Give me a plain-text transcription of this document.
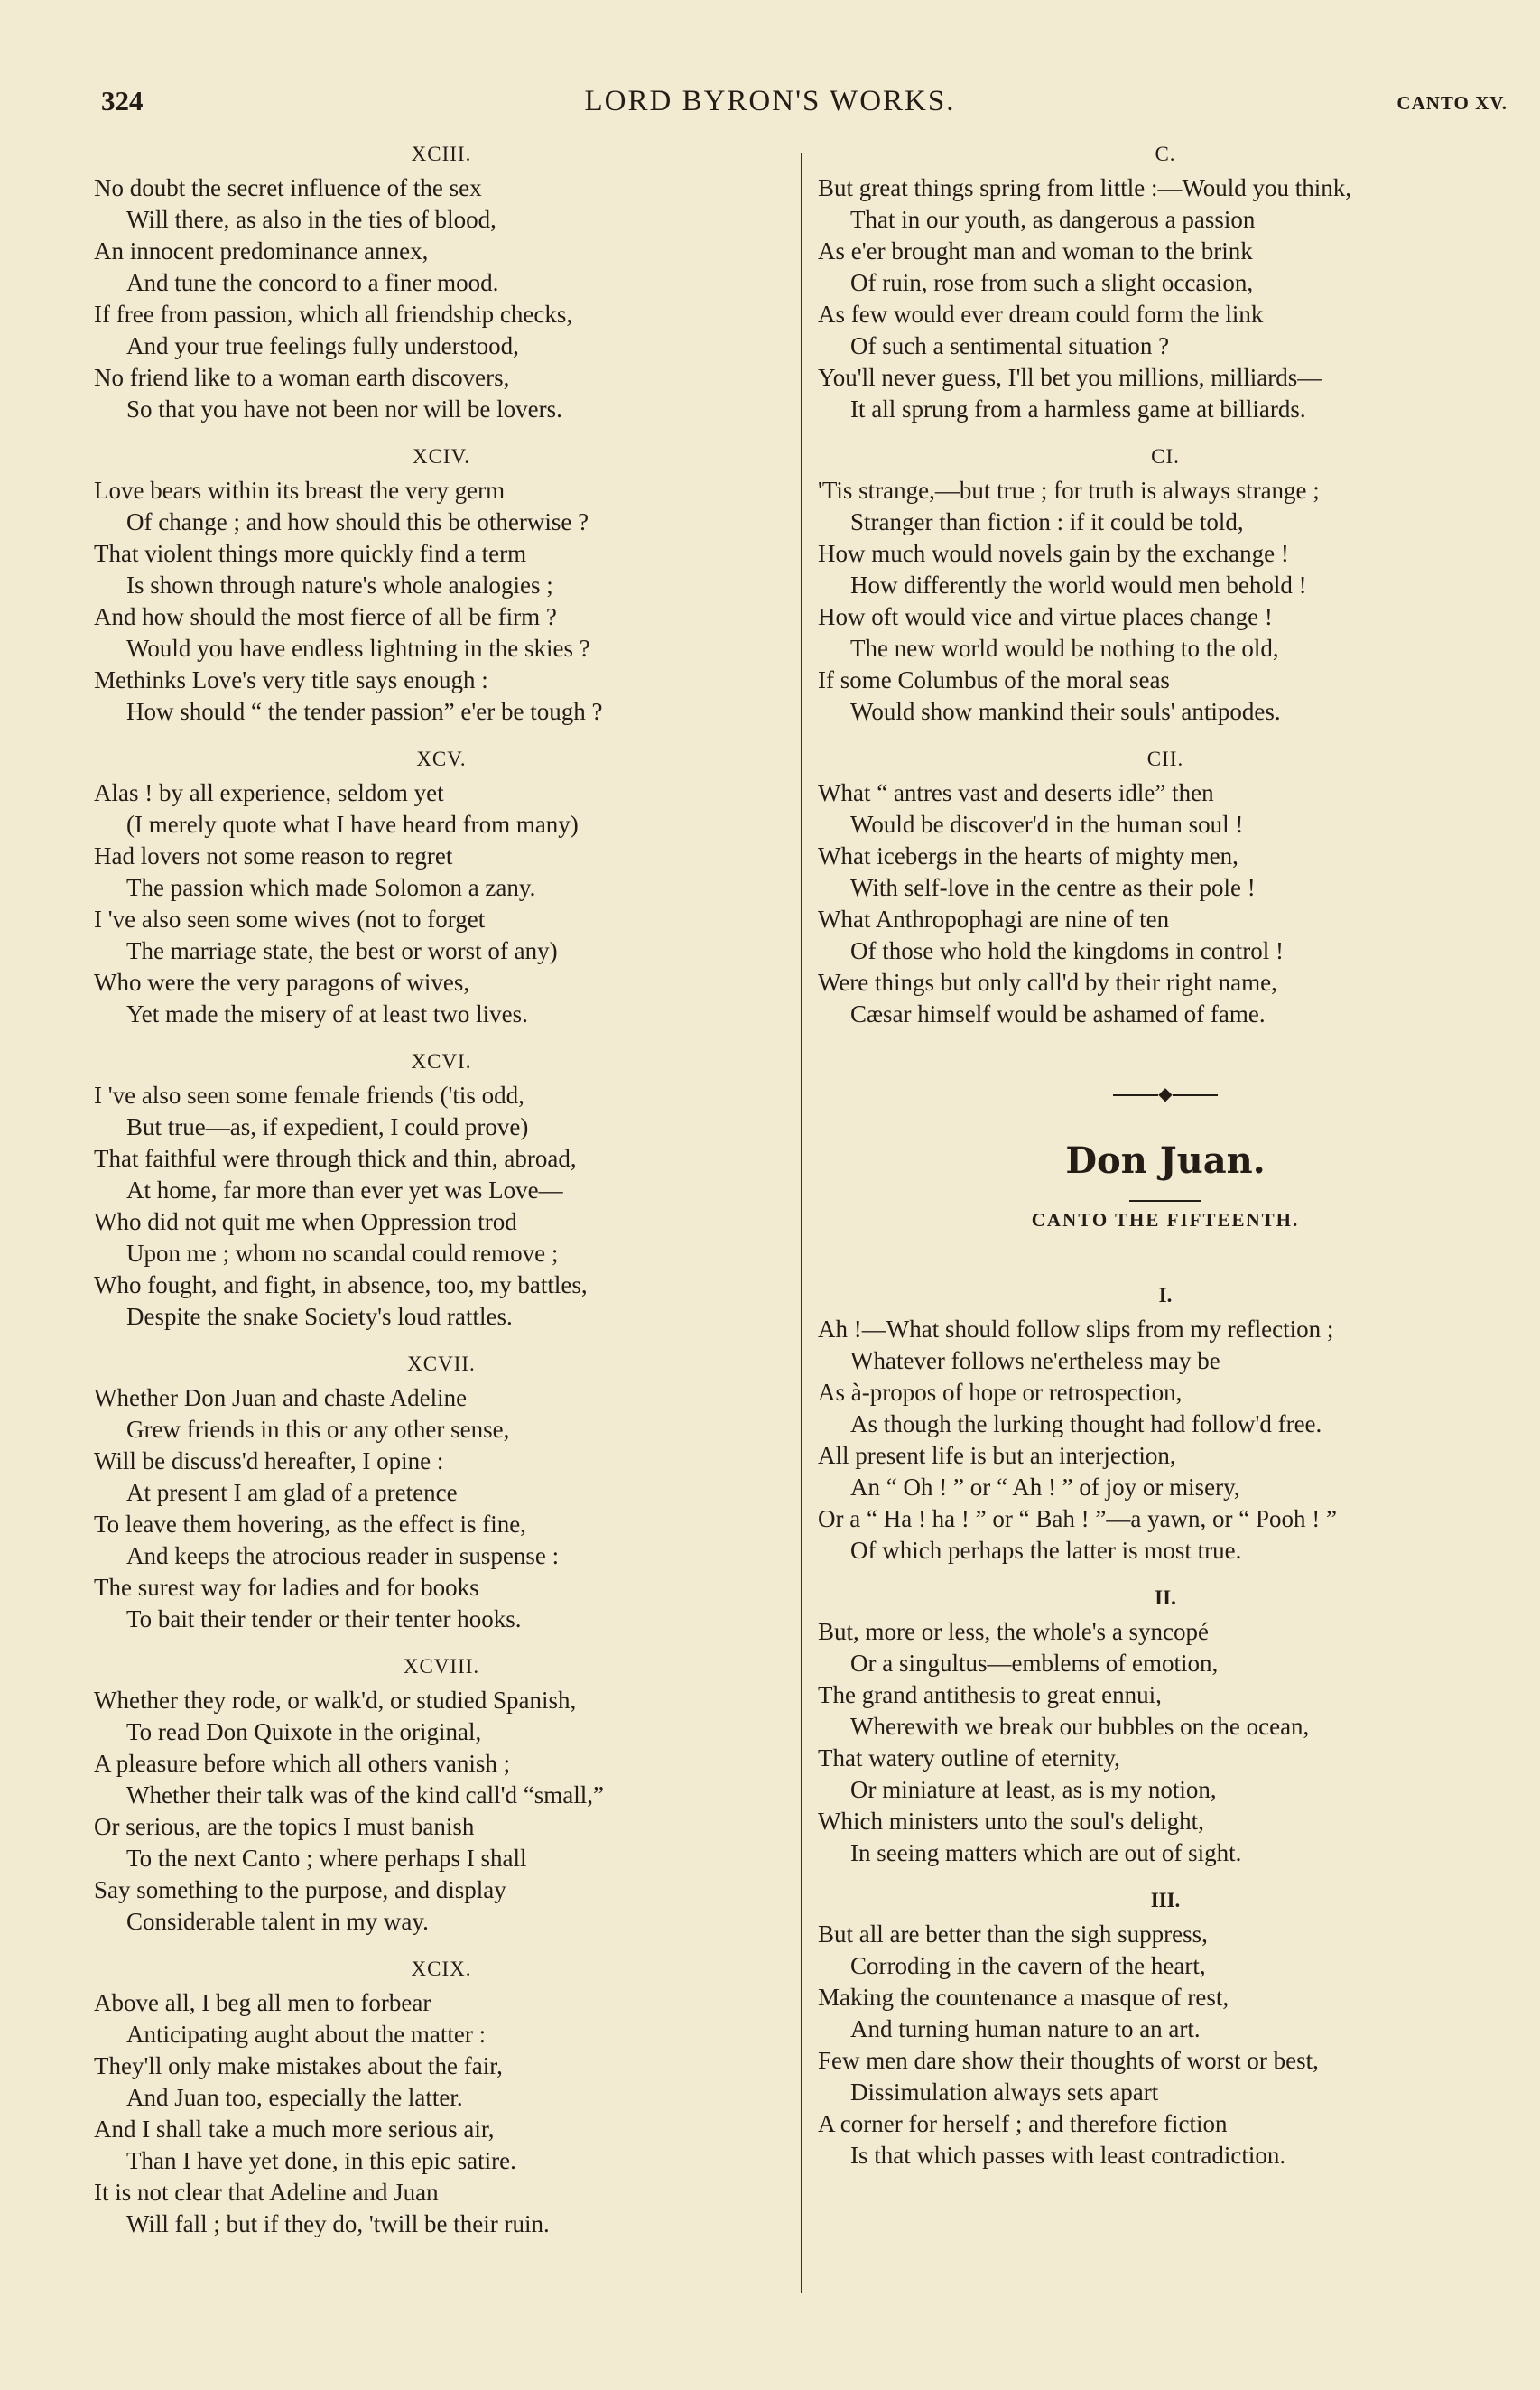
324	LORD BYRON'S WORKS.	CANTO XV.
XCIII.
No doubt the secret influence of the sex
Will there, as also in the ties of blood,
An innocent predominance annex,
And tune the concord to a finer mood.
If free from passion, which all friendship checks,
And your true feelings fully understood,
No friend like to a woman earth discovers,
So that you have not been nor will be lovers.
XCIV.
Love bears within its breast the very germ
Of change ; and how should this be otherwise ?
That violent things more quickly find a term
Is shown through nature's whole analogies ;
And how should the most fierce of all be firm ?
Would you have endless lightning in the skies ?
Methinks Love's very title says enough :
How should “ the tender passion” e'er be tough ?
XCV.
Alas ! by all experience, seldom yet
(I merely quote what I have heard from many)
Had lovers not some reason to regret
The passion which made Solomon a zany.
I 've also seen some wives (not to forget
The marriage state, the best or worst of any)
Who were the very paragons of wives,
Yet made the misery of at least two lives.
XCVI.
I 've also seen some female friends ('tis odd,
But true—as, if expedient, I could prove)
That faithful were through thick and thin, abroad,
At home, far more than ever yet was Love—
Who did not quit me when Oppression trod
Upon me ; whom no scandal could remove ;
Who fought, and fight, in absence, too, my battles,
Despite the snake Society's loud rattles.
XCVII.
Whether Don Juan and chaste Adeline
Grew friends in this or any other sense,
Will be discuss'd hereafter, I opine :
At present I am glad of a pretence
To leave them hovering, as the effect is fine,
And keeps the atrocious reader in suspense :
The surest way for ladies and for books
To bait their tender or their tenter hooks.
XCVIII.
Whether they rode, or walk'd, or studied Spanish,
To read Don Quixote in the original,
A pleasure before which all others vanish ;
Whether their talk was of the kind call'd “small,”
Or serious, are the topics I must banish
To the next Canto ; where perhaps I shall
Say something to the purpose, and display
Considerable talent in my way.
XCIX.
Above all, I beg all men to forbear
Anticipating aught about the matter :
They'll only make mistakes about the fair,
And Juan too, especially the latter.
And I shall take a much more serious air,
Than I have yet done, in this epic satire.
It is not clear that Adeline and Juan
Will fall ; but if they do, 'twill be their ruin.
C.
But great things spring from little :—Would you think,
That in our youth, as dangerous a passion
As e'er brought man and woman to the brink
Of ruin, rose from such a slight occasion,
As few would ever dream could form the link
Of such a sentimental situation ?
You'll never guess, I'll bet you millions, milliards—
It all sprung from a harmless game at billiards.
CI.
'Tis strange,—but true ; for truth is always strange ;
Stranger than fiction : if it could be told,
How much would novels gain by the exchange !
How differently the world would men behold !
How oft would vice and virtue places change !
The new world would be nothing to the old,
If some Columbus of the moral seas
Would show mankind their souls' antipodes.
CII.
What “ antres vast and deserts idle” then
Would be discover'd in the human soul !
What icebergs in the hearts of mighty men,
With self-love in the centre as their pole !
What Anthropophagi are nine of ten
Of those who hold the kingdoms in control !
Were things but only call'd by their right name,
Cæsar himself would be ashamed of fame.
◆
Don Juan.
CANTO THE FIFTEENTH.
I.
Ah !—What should follow slips from my reflection ;
Whatever follows ne'ertheless may be
As à-propos of hope or retrospection,
As though the lurking thought had follow'd free.
All present life is but an interjection,
An “ Oh ! ” or “ Ah ! ” of joy or misery,
Or a “ Ha ! ha ! ” or “ Bah ! ”—a yawn, or “ Pooh ! ”
Of which perhaps the latter is most true.
II.
But, more or less, the whole's a syncopé
Or a singultus—emblems of emotion,
The grand antithesis to great ennui,
Wherewith we break our bubbles on the ocean,
That watery outline of eternity,
Or miniature at least, as is my notion,
Which ministers unto the soul's delight,
In seeing matters which are out of sight.
III.
But all are better than the sigh suppress,
Corroding in the cavern of the heart,
Making the countenance a masque of rest,
And turning human nature to an art.
Few men dare show their thoughts of worst or best,
Dissimulation always sets apart
A corner for herself ; and therefore fiction
Is that which passes with least contradiction.
